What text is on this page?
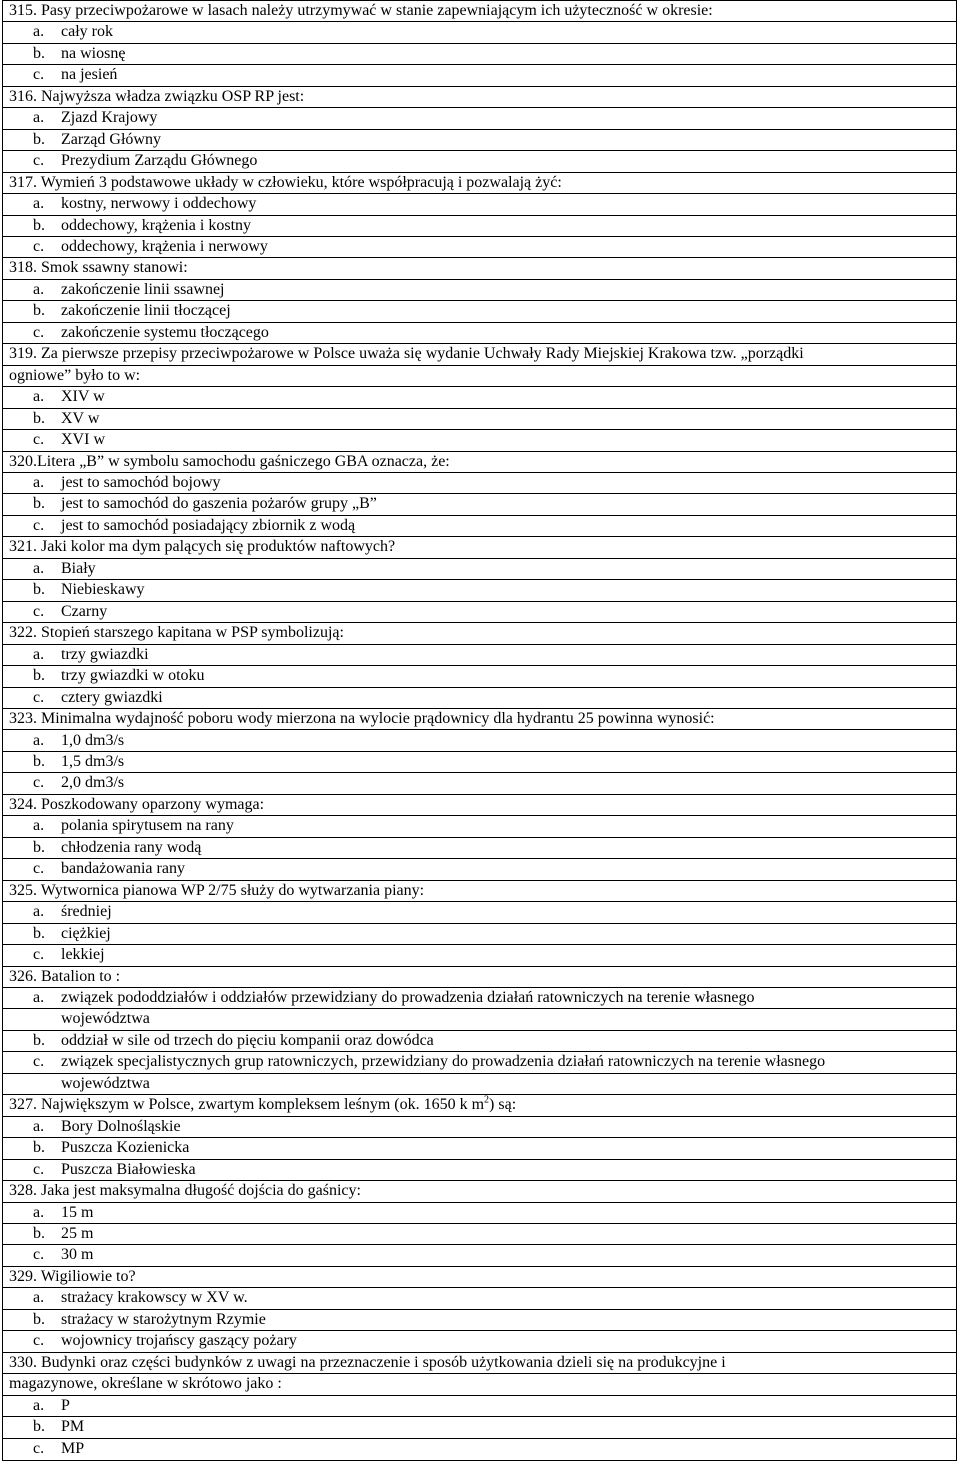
315. Pasy przeciwpożarowe w lasach należy utrzymywać w stanie zapewniającym ich użyteczność w okresie:
a. cały rok
b. na wiosnę
c. na jesień
316. Najwyższa władza związku OSP RP jest:
a. Zjazd Krajowy
b. Zarząd Główny
c. Prezydium Zarządu Głównego
317. Wymień 3 podstawowe układy w człowieku, które współpracują i pozwalają żyć:
a. kostny, nerwowy i oddechowy
b. oddechowy, krążenia i kostny
c. oddechowy, krążenia i nerwowy
318. Smok ssawny stanowi:
a. zakończenie linii ssawnej
b. zakończenie linii tłoczącej
c. zakończenie systemu tłoczącego
319. Za pierwsze przepisy przeciwpożarowe w Polsce uważa się wydanie Uchwały Rady Miejskiej Krakowa tzw. „porządki
ogniowe” było to w:
a. XIV w
b. XV w
c. XVI w
320.Litera „B” w symbolu samochodu gaśniczego GBA oznacza, że:
a. jest to samochód bojowy
b. jest to samochód do gaszenia pożarów grupy „B”
c. jest to samochód posiadający zbiornik z wodą
321. Jaki kolor ma dym palących się produktów naftowych?
a. Biały
b. Niebieskawy
c. Czarny
322. Stopień starszego kapitana w PSP symbolizują:
a. trzy gwiazdki
b. trzy gwiazdki w otoku
c. cztery gwiazdki
323. Minimalna wydajność poboru wody mierzona na wylocie prądownicy dla hydrantu 25 powinna wynosić:
a. 1,0 dm3/s
b. 1,5 dm3/s
c. 2,0 dm3/s
324. Poszkodowany oparzony wymaga:
a. polania spirytusem na rany
b. chłodzenia rany wodą
c. bandażowania rany
325. Wytwornica pianowa WP 2/75 służy do wytwarzania piany:
a. średniej
b. ciężkiej
c. lekkiej
326. Batalion to :
a. związek pododdziałów i oddziałów przewidziany do prowadzenia działań ratowniczych na terenie własnego
województwa
b. oddział w sile od trzech do pięciu kompanii oraz dowódca
c. związek specjalistycznych grup ratowniczych, przewidziany do prowadzenia działań ratowniczych na terenie własnego
województwa
327. Największym w Polsce, zwartym kompleksem leśnym (ok. 1650 k $m^2$) są:
a. Bory Dolnośląskie
b. Puszcza Kozienicka
c. Puszcza Białowieska
328. Jaka jest maksymalna długość dojścia do gaśnicy:
a. 15 m
b. 25 m
c. 30 m
329. Wigiliowie to?
a. strażacy krakowscy w XV w.
b. strażacy w starożytnym Rzymie
c. wojownicy trojańscy gaszący pożary
330. Budynki oraz części budynków z uwagi na przeznaczenie i sposób użytkowania dzieli się na produkcyjne i
magazynowe, określane w skrótowo jako :
a. P
b. PM
c. MP
